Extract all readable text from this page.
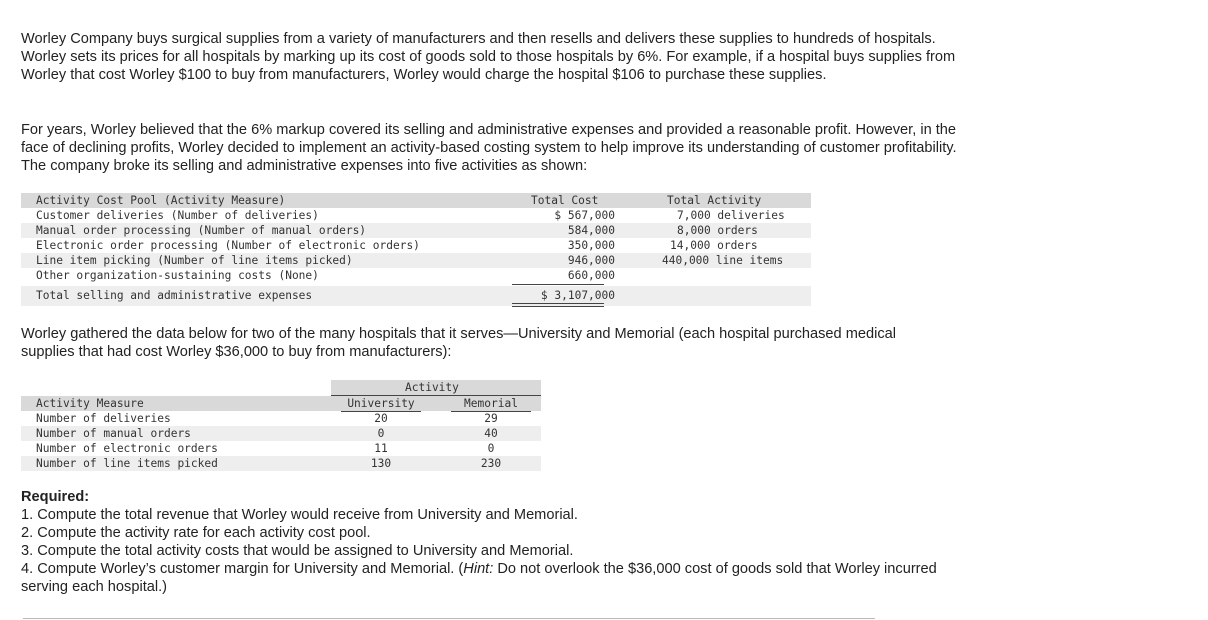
Worley Company buys surgical supplies from a variety of manufacturers and then resells and delivers these supplies to hundreds of hospitals. Worley sets its prices for all hospitals by marking up its cost of goods sold to those hospitals by 6%. For example, if a hospital buys supplies from Worley that cost Worley $100 to buy from manufacturers, Worley would charge the hospital $106 to purchase these supplies.

For years, Worley believed that the 6% markup covered its selling and administrative expenses and provided a reasonable profit. However, in the face of declining profits, Worley decided to implement an activity-based costing system to help improve its understanding of customer profitability. The company broke its selling and administrative expenses into five activities as shown:

Activity Cost Pool (Activity Measure)	Total Cost	Total Activity
Customer deliveries (Number of deliveries)	$ 567,000	7,000 deliveries
Manual order processing (Number of manual orders)	584,000	8,000 orders
Electronic order processing (Number of electronic orders)	350,000	14,000 orders
Line item picking (Number of line items picked)	946,000	440,000 line items
Other organization-sustaining costs (None)	660,000
Total selling and administrative expenses	$ 3,107,000

Worley gathered the data below for two of the many hospitals that it serves—University and Memorial (each hospital purchased medical supplies that had cost Worley $36,000 to buy from manufacturers):

Activity
Activity Measure	University	Memorial
Number of deliveries	20	29
Number of manual orders	0	40
Number of electronic orders	11	0
Number of line items picked	130	230

Required:

1. Compute the total revenue that Worley would receive from University and Memorial.

2. Compute the activity rate for each activity cost pool.

3. Compute the total activity costs that would be assigned to University and Memorial.

4. Compute Worley’s customer margin for University and Memorial. (Hint: Do not overlook the $36,000 cost of goods sold that Worley incurred serving each hospital.)
